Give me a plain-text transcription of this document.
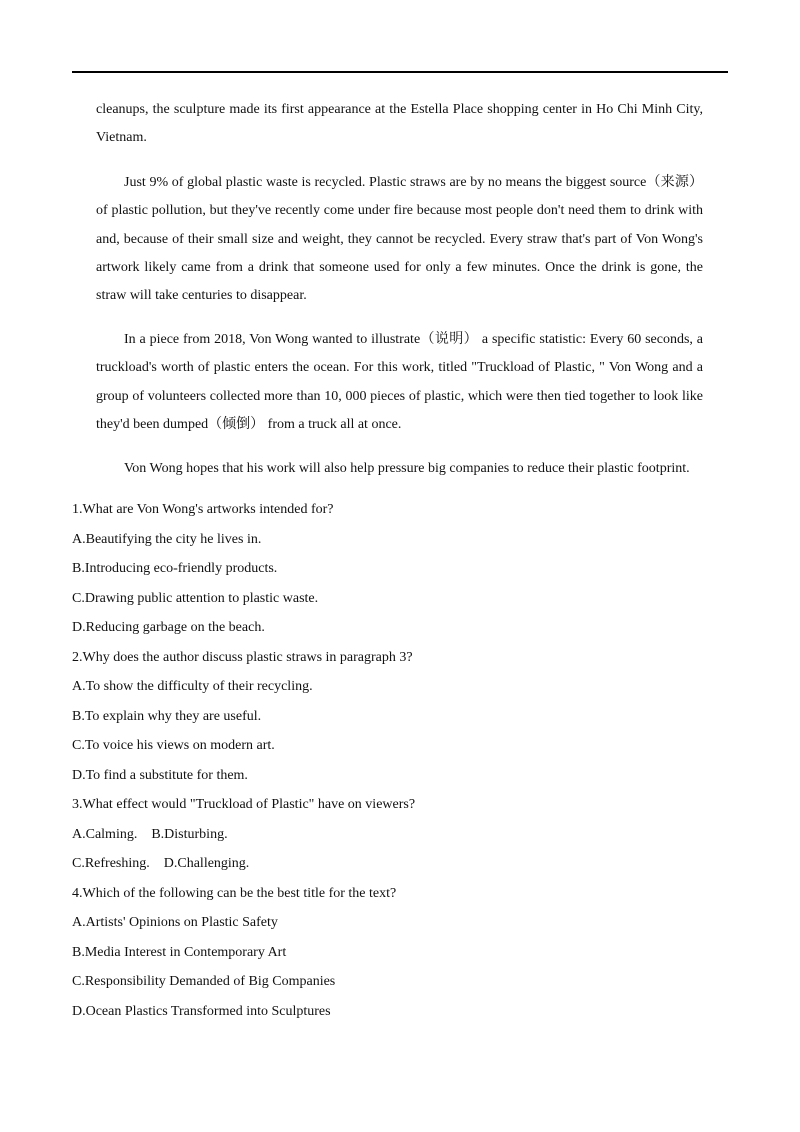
cleanups, the sculpture made its first appearance at the Estella Place shopping center in Ho Chi Minh City, Vietnam.
Just 9% of global plastic waste is recycled. Plastic straws are by no means the biggest source（来源） of plastic pollution, but they've recently come under fire because most people don't need them to drink with and, because of their small size and weight, they cannot be recycled. Every straw that's part of Von Wong's artwork likely came from a drink that someone used for only a few minutes. Once the drink is gone, the straw will take centuries to disappear.
In a piece from 2018, Von Wong wanted to illustrate（说明） a specific statistic: Every 60 seconds, a truckload's worth of plastic enters the ocean. For this work, titled "Truckload of Plastic, " Von Wong and a group of volunteers collected more than 10, 000 pieces of plastic, which were then tied together to look like they'd been dumped（倾倒） from a truck all at once.
Von Wong hopes that his work will also help pressure big companies to reduce their plastic footprint.
1.What are Von Wong's artworks intended for?
A.Beautifying the city he lives in.
B.Introducing eco-friendly products.
C.Drawing public attention to plastic waste.
D.Reducing garbage on the beach.
2.Why does the author discuss plastic straws in paragraph 3?
A.To show the difficulty of their recycling.
B.To explain why they are useful.
C.To voice his views on modern art.
D.To find a substitute for them.
3.What effect would "Truckload of Plastic" have on viewers?
A.Calming. B.Disturbing.
C.Refreshing. D.Challenging.
4.Which of the following can be the best title for the text?
A.Artists' Opinions on Plastic Safety
B.Media Interest in Contemporary Art
C.Responsibility Demanded of Big Companies
D.Ocean Plastics Transformed into Sculptures
